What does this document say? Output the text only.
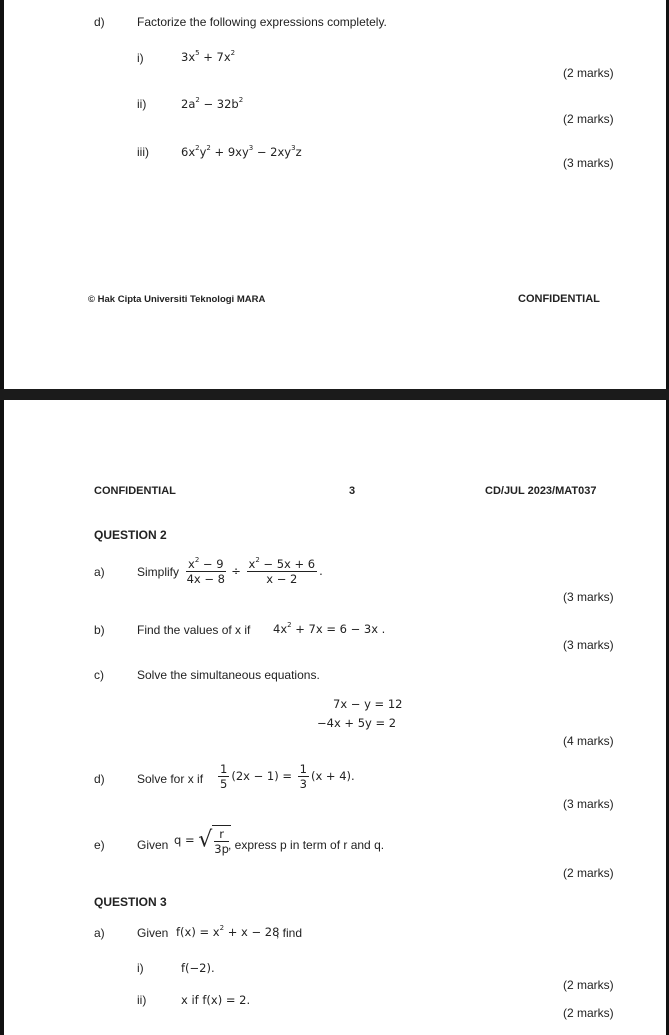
d)	Factorize the following expressions completely.
i)	$3x^5 + 7x^2$
(2 marks)
ii)	$2a^2 - 32b^2$
(2 marks)
iii)	$6x^2y^2 + 9xy^3 - 2xy^3z$
(3 marks)
© Hak Cipta Universiti Teknologi MARA	CONFIDENTIAL
CONFIDENTIAL	3	CD/JUL 2023/MAT037
QUESTION 2
a)	Simplify $\frac{x^2 - 9}{4x - 8} \div \frac{x^2 - 5x + 6}{x - 2}$ .
(3 marks)
b)	Find the values of x if $4x^2 + 7x = 6 - 3x$ .
(3 marks)
c)	Solve the simultaneous equations.
7x − y = 12
−4x + 5y = 2
(4 marks)
d)	Solve for x if $\frac{1}{5} (2x - 1) = \frac{1}{3} (x + 4)$.
(3 marks)
e)	Given q = √ $\frac{r}{3p}$ , express p in term of r and q.
(2 marks)
QUESTION 3
a)	Given $f(x) = x^2 + x - 28$
, find
i)	f(−2).
(2 marks)
ii)	x if f(x) = 2.
(2 marks)
